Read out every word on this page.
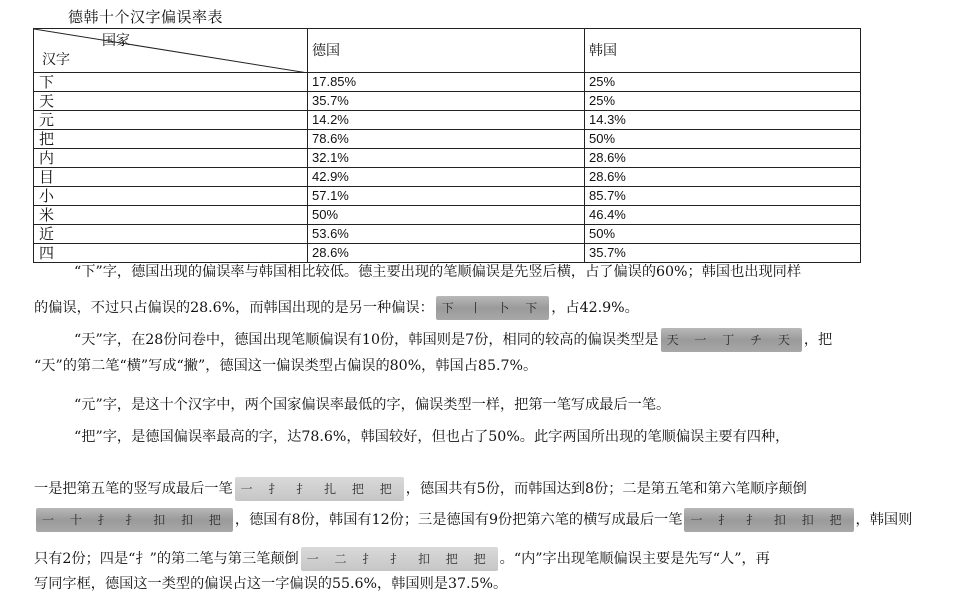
德韩十个汉字偏误率表
国家
汉字	德国	韩国
下	17.85%	25%
天	35.7%	25%
元	14.2%	14.3%
把	78.6%	50%
内	32.1%	28.6%
目	42.9%	28.6%
小	57.1%	85.7%
米	50%	46.4%
近	53.6%	50%
四	28.6%	35.7%
“下”字，德国出现的偏误率与韩国相比较低。德主要出现的笔顺偏误是先竖后横，占了偏误的60%；韩国也出现同样
的偏误，不过只占偏误的28.6%，而韩国出现的是另一种偏误： 下 丨 卜 下 ，占42.9%。
“天”字，在28份问卷中，德国出现笔顺偏误有10份，韩国则是7份，相同的较高的偏误类型是 天 一 丁 チ 天 ，把
“天”的第二笔“横”写成“撇”，德国这一偏误类型占偏误的80%，韩国占85.7%。
“元”字，是这十个汉字中，两个国家偏误率最低的字，偏误类型一样，把第一笔写成最后一笔。
“把”字，是德国偏误率最高的字，达78.6%，韩国较好，但也占了50%。此字两国所出现的笔顺偏误主要有四种，
一是把第五笔的竖写成最后一笔 一 扌 扌 扎 把 把 ，德国共有5份，而韩国达到8份；二是第五笔和第六笔顺序颠倒
一 十 扌 扌 扣 扣 把 ，德国有8份，韩国有12份；三是德国有9份把第六笔的横写成最后一笔 一 扌 扌 扣 扣 把 ，韩国则
只有2份；四是“扌”的第二笔与第三笔颠倒 一 二 扌 扌 扣 把 把 。“内”字出现笔顺偏误主要是先写“人”，再
写同字框，德国这一类型的偏误占这一字偏误的55.6%，韩国则是37.5%。
